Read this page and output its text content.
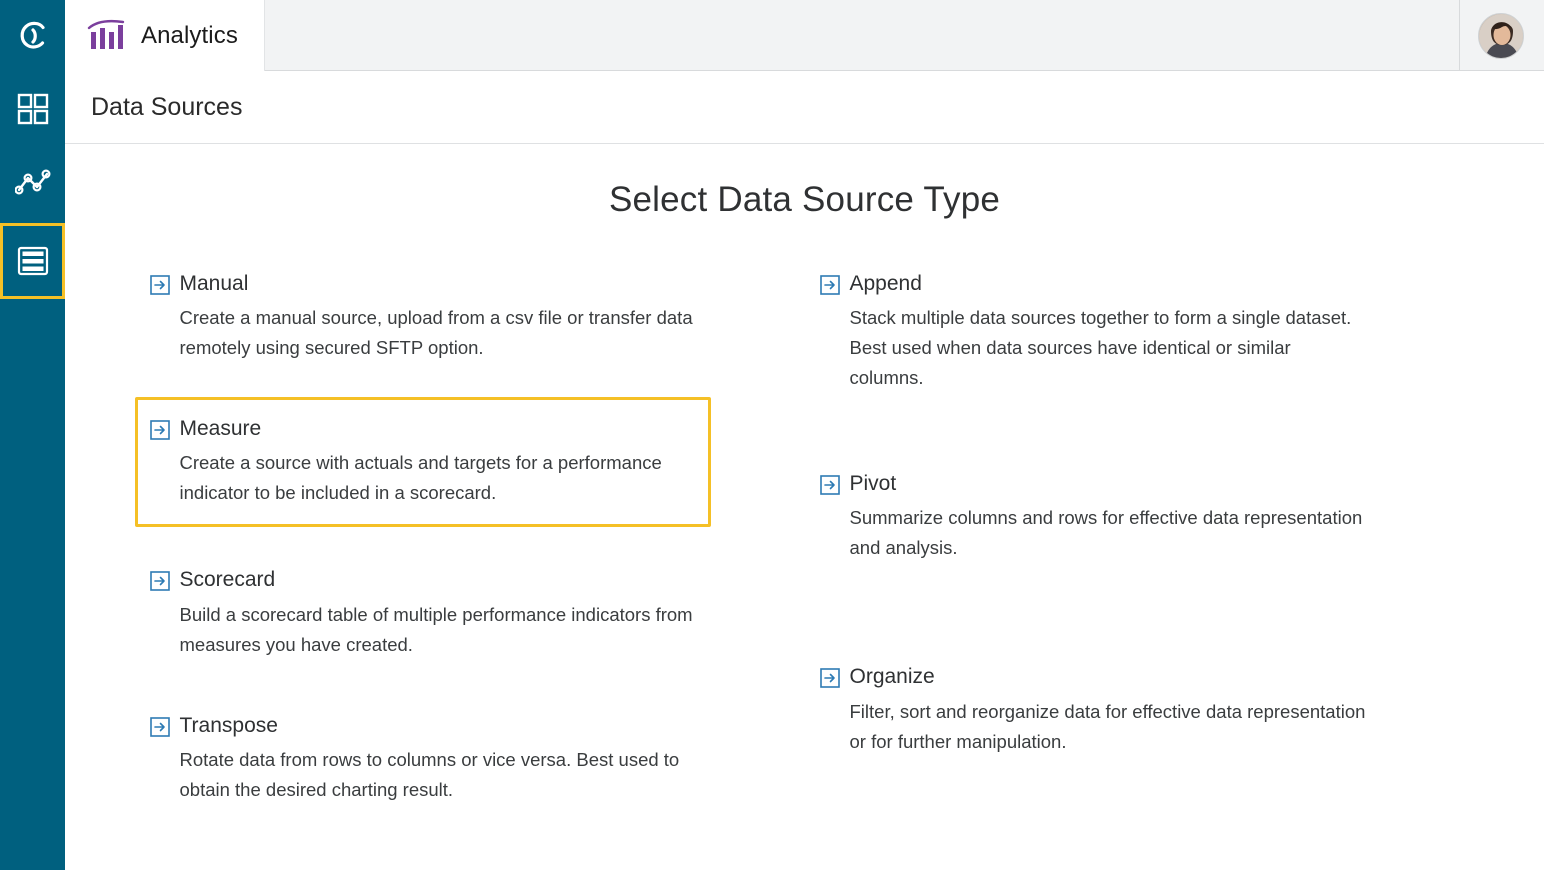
Analytics
Data Sources
Select Data Source Type
Manual
Create a manual source, upload from a csv file or transfer data remotely using secured SFTP option.
Measure
Create a source with actuals and targets for a performance indicator to be included in a scorecard.
Scorecard
Build a scorecard table of multiple performance indicators from measures you have created.
Transpose
Rotate data from rows to columns or vice versa. Best used to obtain the desired charting result.
Append
Stack multiple data sources together to form a single dataset. Best used when data sources have identical or similar columns.
Pivot
Summarize columns and rows for effective data representation and analysis.
Organize
Filter, sort and reorganize data for effective data representation or for further manipulation.
